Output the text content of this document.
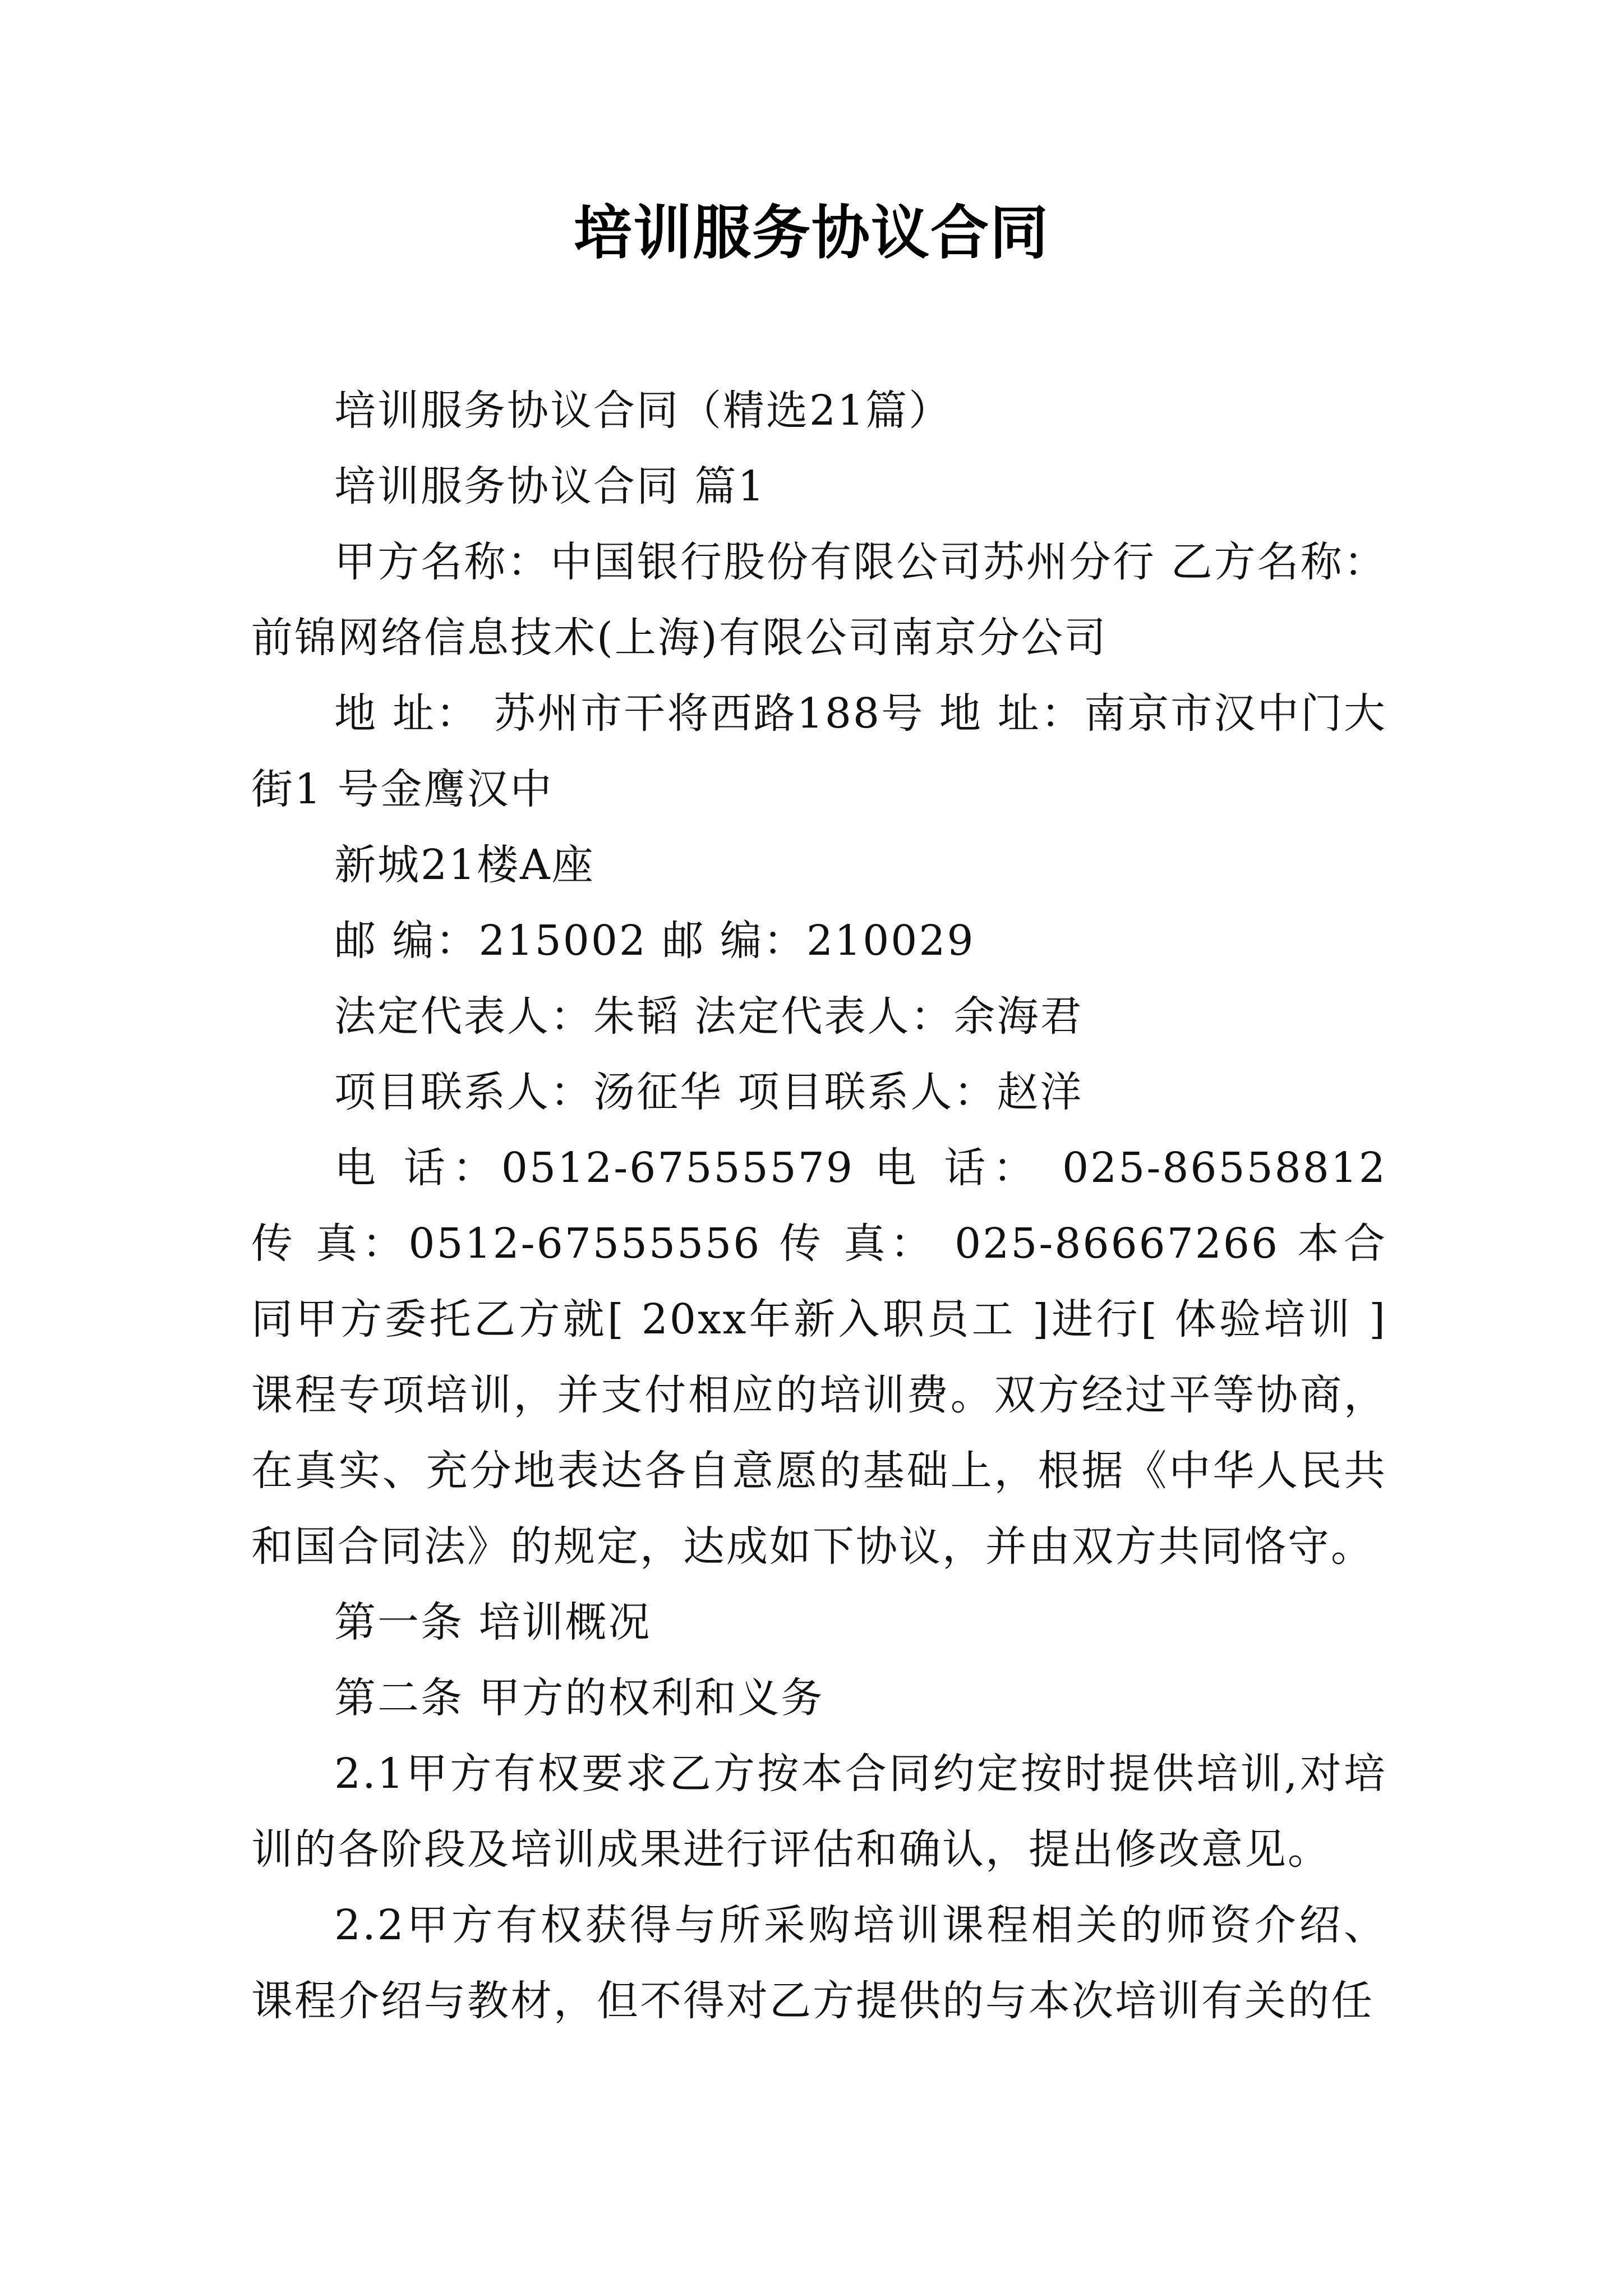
培训服务协议合同

培训服务协议合同（精选21篇）

培训服务协议合同 篇1

甲方名称：中国银行股份有限公司苏州分行 乙方名称：前锦网络信息技术(上海)有限公司南京分公司

地 址： 苏州市干将西路188号 地 址：南京市汉中门大街1 号金鹰汉中

新城21楼A座

邮 编：215002 邮 编：210029

法定代表人：朱韬 法定代表人：余海君

项目联系人：汤征华 项目联系人：赵洋

电 话：0512-67555579 电 话： 025-86558812 传 真：0512-67555556 传 真： 025-86667266 本合同甲方委托乙方就[ 20xx年新入职员工 ]进行[ 体验培训 ]课程专项培训，并支付相应的培训费。双方经过平等协商，在真实、充分地表达各自意愿的基础上，根据《中华人民共和国合同法》的规定，达成如下协议，并由双方共同恪守。

第一条 培训概况

第二条 甲方的权利和义务

2.1甲方有权要求乙方按本合同约定按时提供培训,对培训的各阶段及培训成果进行评估和确认，提出修改意见。

2.2甲方有权获得与所采购培训课程相关的师资介绍、课程介绍与教材，但不得对乙方提供的与本次培训有关的任
